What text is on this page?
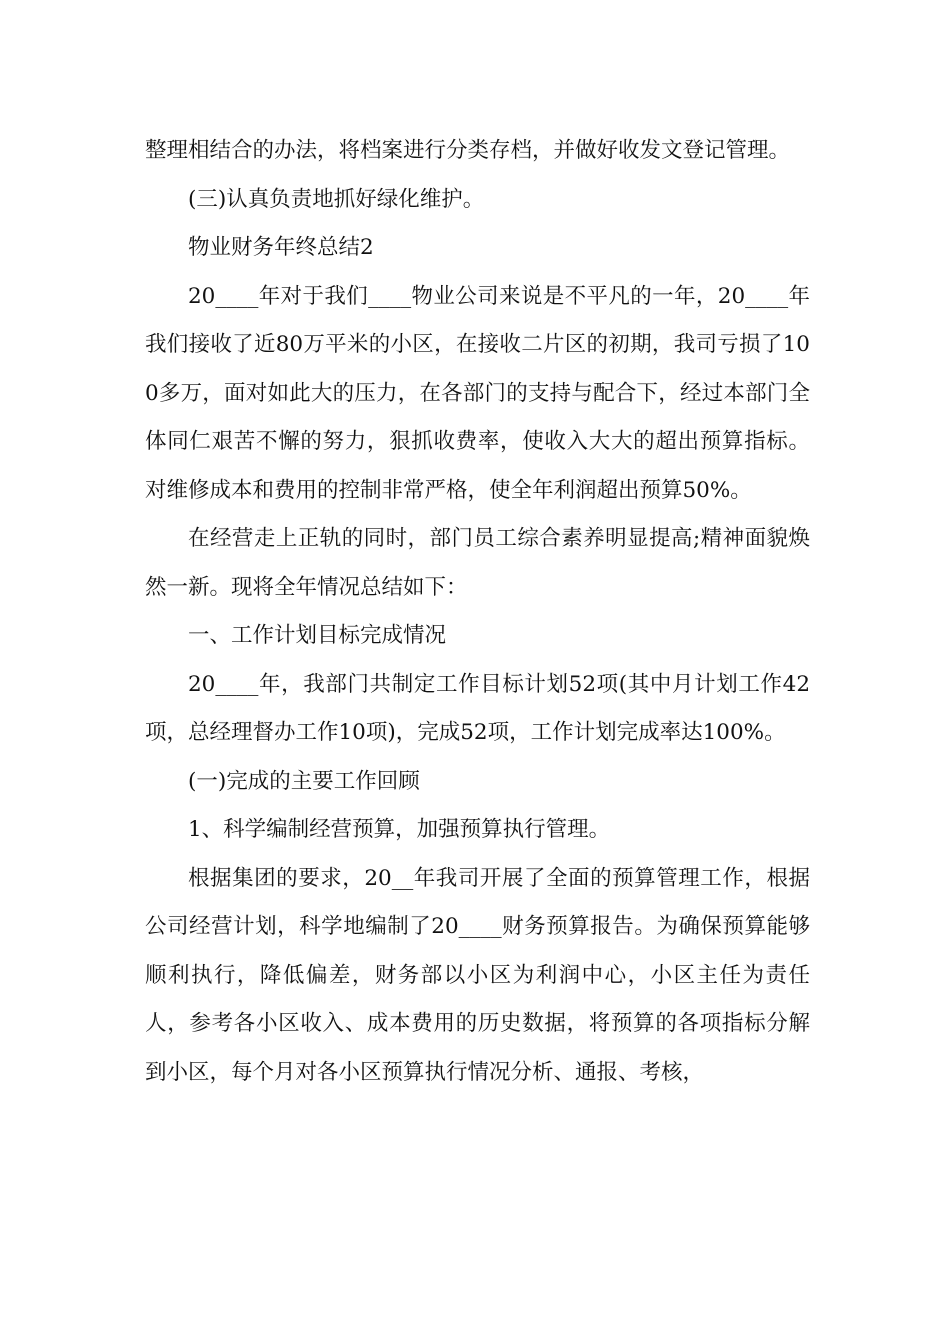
整理相结合的办法，将档案进行分类存档，并做好收发文登记管理。

(三)认真负责地抓好绿化维护。

物业财务年终总结2

20____年对于我们____物业公司来说是不平凡的一年，20____年我们接收了近80万平米的小区，在接收二片区的初期，我司亏损了100多万，面对如此大的压力，在各部门的支持与配合下，经过本部门全体同仁艰苦不懈的努力，狠抓收费率，使收入大大的超出预算指标。对维修成本和费用的控制非常严格，使全年利润超出预算50%。

在经营走上正轨的同时，部门员工综合素养明显提高;精神面貌焕然一新。现将全年情况总结如下：

一、工作计划目标完成情况

20____年，我部门共制定工作目标计划52项(其中月计划工作42项，总经理督办工作10项)，完成52项，工作计划完成率达100%。

(一)完成的主要工作回顾

1、科学编制经营预算，加强预算执行管理。

根据集团的要求，20__年我司开展了全面的预算管理工作，根据公司经营计划，科学地编制了20____财务预算报告。为确保预算能够顺利执行，降低偏差，财务部以小区为利润中心，小区主任为责任人，参考各小区收入、成本费用的历史数据，将预算的各项指标分解到小区，每个月对各小区预算执行情况分析、通报、考核，
